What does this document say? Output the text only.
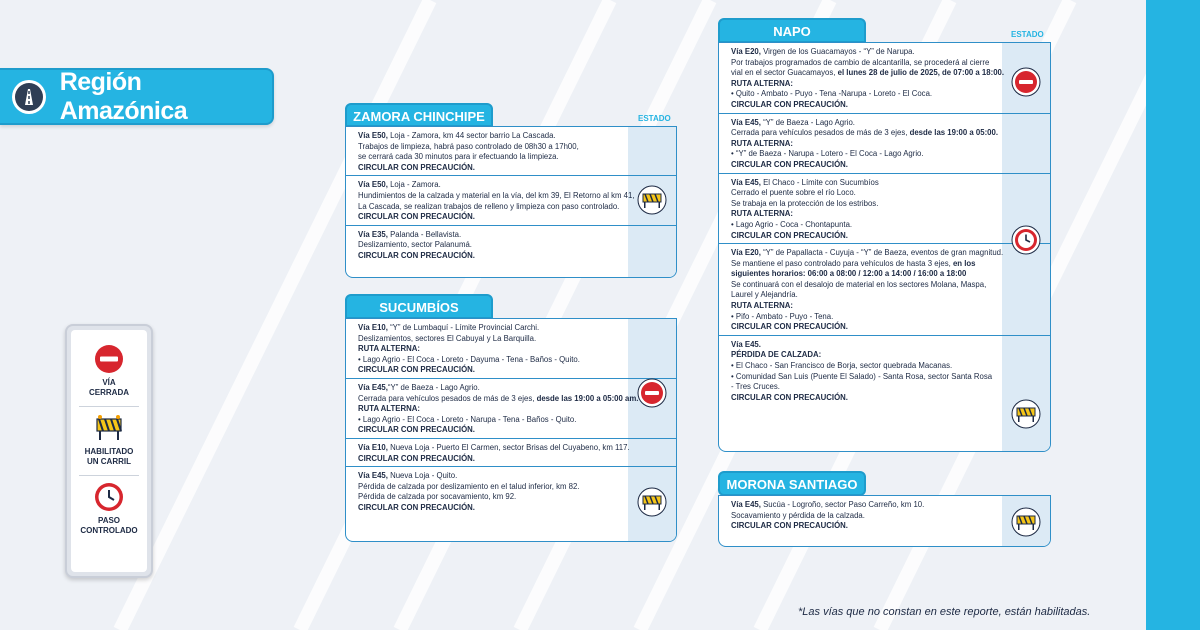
Región Amazónica
VÍA
CERRADA
HABILITADO
UN CARRIL
PASO
CONTROLADO
ZAMORA CHINCHIPE	ESTADO
Vía E50, Loja - Zamora, km 44 sector barrio La Cascada.
Trabajos de limpieza, habrá paso controlado de 08h30 a 17h00,
se cerrará cada 30 minutos para ir efectuando la limpieza.
CIRCULAR CON PRECAUCIÓN.
Vía E50, Loja - Zamora.
Hundimientos de la calzada y material en la vía, del km 39, El Retorno al km 41,
La Cascada, se realizan trabajos de relleno y limpieza con paso controlado.
CIRCULAR CON PRECAUCIÓN.
Vía E35, Palanda - Bellavista.
Deslizamiento, sector Palanumá.
CIRCULAR CON PRECAUCIÓN.
SUCUMBÍOS
Vía E10, “Y” de Lumbaquí - Límite Provincial Carchi.
Deslizamientos, sectores El Cabuyal y La Barquilla.
RUTA ALTERNA:
• Lago Agrio - El Coca - Loreto - Dayuma - Tena - Baños - Quito.
CIRCULAR CON PRECAUCIÓN.
Vía E45,“Y” de Baeza - Lago Agrio.
Cerrada para vehículos pesados de más de 3 ejes, desde las 19:00 a 05:00 am.
RUTA ALTERNA:
• Lago Agrio - El Coca - Loreto - Narupa - Tena - Baños - Quito.
CIRCULAR CON PRECAUCIÓN.
Vía E10, Nueva Loja - Puerto El Carmen, sector Brisas del Cuyabeno, km 117.
CIRCULAR CON PRECAUCIÓN.
Vía E45, Nueva Loja - Quito.
Pérdida de calzada por deslizamiento en el talud inferior, km 82.
Pérdida de calzada por socavamiento, km 92.
CIRCULAR CON PRECAUCIÓN.
NAPO	ESTADO
Vía E20, Virgen de los Guacamayos - “Y” de Narupa.
Por trabajos programados de cambio de alcantarilla, se procederá al cierre
vial en el sector Guacamayos, el lunes 28 de julio de 2025, de 07:00 a 18:00.
RUTA ALTERNA:
• Quito - Ambato - Puyo - Tena -Narupa - Loreto - El Coca.
CIRCULAR CON PRECAUCIÓN.
Vía E45, “Y” de Baeza - Lago Agrio.
Cerrada para vehículos pesados de más de 3 ejes, desde las 19:00 a 05:00.
RUTA ALTERNA:
• “Y” de Baeza - Narupa - Lotero - El Coca - Lago Agrio.
CIRCULAR CON PRECAUCIÓN.
Vía E45, El Chaco - Límite con Sucumbíos
Cerrado el puente sobre el río Loco.
Se trabaja en la protección de los estribos.
RUTA ALTERNA:
• Lago Agrio - Coca - Chontapunta.
CIRCULAR CON PRECAUCIÓN.
Vía E20, “Y” de Papallacta - Cuyuja - “Y” de Baeza, eventos de gran magnitud.
Se mantiene el paso controlado para vehículos de hasta 3 ejes, en los
siguientes horarios: 06:00 a 08:00 / 12:00 a 14:00 / 16:00 a 18:00
Se continuará con el desalojo de material en los sectores Molana, Maspa,
Laurel y Alejandría.
RUTA ALTERNA:
• Pifo - Ambato - Puyo - Tena.
CIRCULAR CON PRECAUCIÓN.
Vía E45.
PÉRDIDA DE CALZADA:
• El Chaco - San Francisco de Borja, sector quebrada Macanas.
• Comunidad San Luis (Puente El Salado) - Santa Rosa, sector Santa Rosa
- Tres Cruces.
CIRCULAR CON PRECAUCIÓN.
MORONA SANTIAGO
Vía E45, Sucúa - Logroño, sector Paso Carreño, km 10.
Socavamiento y pérdida de la calzada.
CIRCULAR CON PRECAUCIÓN.
*Las vías que no constan en este reporte, están habilitadas.
